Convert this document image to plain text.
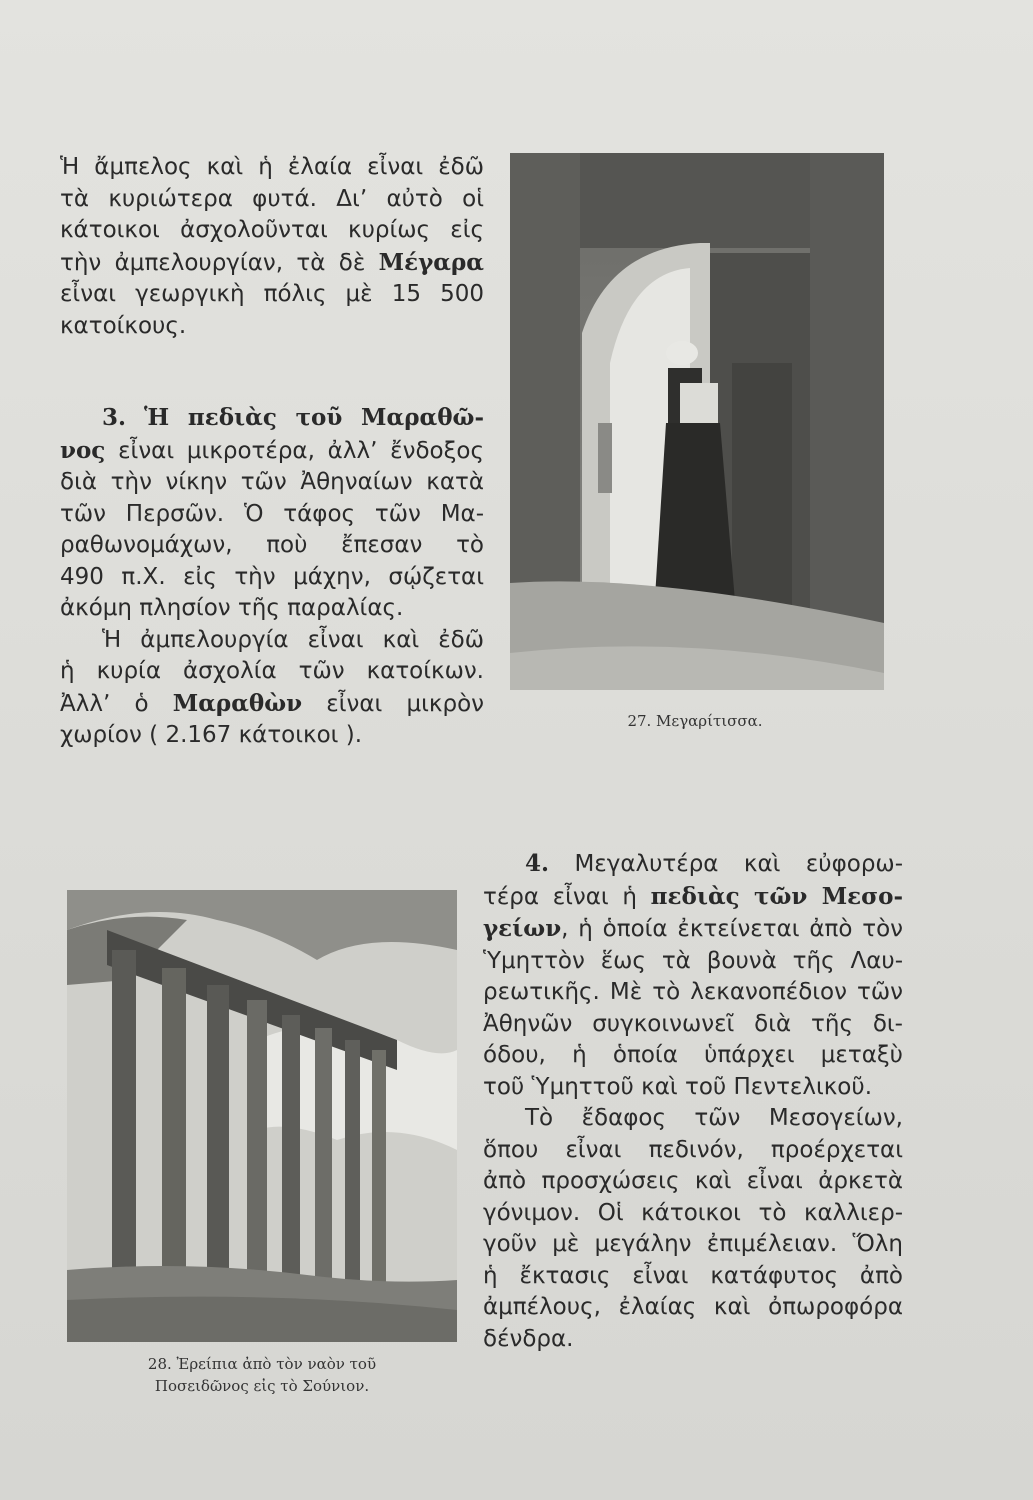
Ἡ ἄμπελος καὶ ἡ ἐλαία εἶναι ἐδῶ

τὰ κυριώτερα φυτά. Διʼ αὐτὸ οἱ

κάτοικοι ἀσχολοῦνται κυρίως εἰς

τὴν ἀμπελουργίαν, τὰ δὲ Μέγαρα

εἶναι γεωργικὴ πόλις μὲ 15 500

κατοίκους.

3. Ἡ πεδιὰς τοῦ Μαραθῶ-

νος εἶναι μικροτέρα, ἀλλʼ ἔνδοξος

διὰ τὴν νίκην τῶν Ἀθηναίων κατὰ

τῶν Περσῶν. Ὁ τάφος τῶν Μα-

ραθωνομάχων, ποὺ ἔπεσαν τὸ

490 π.Χ. εἰς τὴν μάχην, σῴζεται

ἀκόμη πλησίον τῆς παραλίας.

Ἡ ἀμπελουργία εἶναι καὶ ἐδῶ

ἡ κυρία ἀσχολία τῶν κατοίκων.

Ἀλλʼ ὁ Μαραθὼν εἶναι μικρὸν

χωρίον ( 2.167 κάτοικοι ).

27. Μεγαρίτισσα.
28. Ἐρείπια ἀπὸ τὸν ναὸν τοῦ
Ποσειδῶνος εἰς τὸ Σούνιον.

4. Μεγαλυτέρα καὶ εὐφορω-

τέρα εἶναι ἡ πεδιὰς τῶν Μεσο-

γείων, ἡ ὁποία ἐκτείνεται ἀπὸ τὸν

Ὑμηττὸν ἕως τὰ βουνὰ τῆς Λαυ-

ρεωτικῆς. Μὲ τὸ λεκανοπέδιον τῶν

Ἀθηνῶν συγκοινωνεῖ διὰ τῆς δι-

όδου, ἡ ὁποία ὑπάρχει μεταξὺ

τοῦ Ὑμηττοῦ καὶ τοῦ Πεντελικοῦ.

Τὸ ἔδαφος τῶν Μεσογείων,

ὅπου εἶναι πεδινόν, προέρχεται

ἀπὸ προσχώσεις καὶ εἶναι ἀρκετὰ

γόνιμον. Οἱ κάτοικοι τὸ καλλιερ-

γοῦν μὲ μεγάλην ἐπιμέλειαν. Ὅλη

ἡ ἔκτασις εἶναι κατάφυτος ἀπὸ

ἀμπέλους, ἐλαίας καὶ ὀπωροφόρα

δένδρα.
